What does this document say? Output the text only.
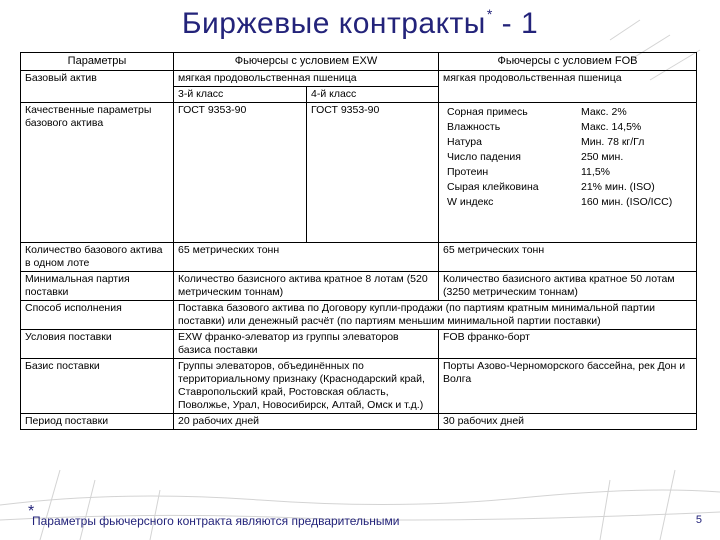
Биржевые контракты* - 1
Параметры	Фьючерсы с условием EXW	Фьючерсы с условием FOB
Базовый актив	мягкая продовольственная пшеница	мягкая продовольственная пшеница
3-й класс	4-й класс
Качественные параметры базового актива	ГОСТ 9353-90	ГОСТ 9353-90		Сорная примесь	Макс. 2%
Влажность	Макс. 14,5%
Натура	Мин. 78 кг/Гл
Число падения	250 мин.
Протеин	11,5%
Сырая клейковина	21% мин. (ISO)
W индекс	160 мин. (ISO/ICC)

Количество базового актива в одном лоте	65 метрических тонн	65 метрических тонн
Минимальная партия поставки	Количество базисного актива кратное 8 лотам (520 метрическим тоннам)	Количество базисного актива кратное 50 лотам (3250 метрическим тоннам)
Способ исполнения	Поставка базового актива по Договору купли-продажи (по партиям кратным минимальной партии поставки) или денежный расчёт (по партиям меньшим минимальной партии поставки)
Условия поставки	EXW франко-элеватор из группы элеваторов базиса поставки	FOB франко-борт
Базис поставки	Группы элеваторов, объединённых по территориальному признаку (Краснодарский край, Ставропольский край, Ростовская область, Поволжье, Урал, Новосибирск, Алтай, Омск и т.д.)	Порты Азово-Черноморского бассейна, рек Дон и Волга
Период поставки	20 рабочих дней	30 рабочих дней
*
Параметры фьючерсного контракта являются предварительными	5
